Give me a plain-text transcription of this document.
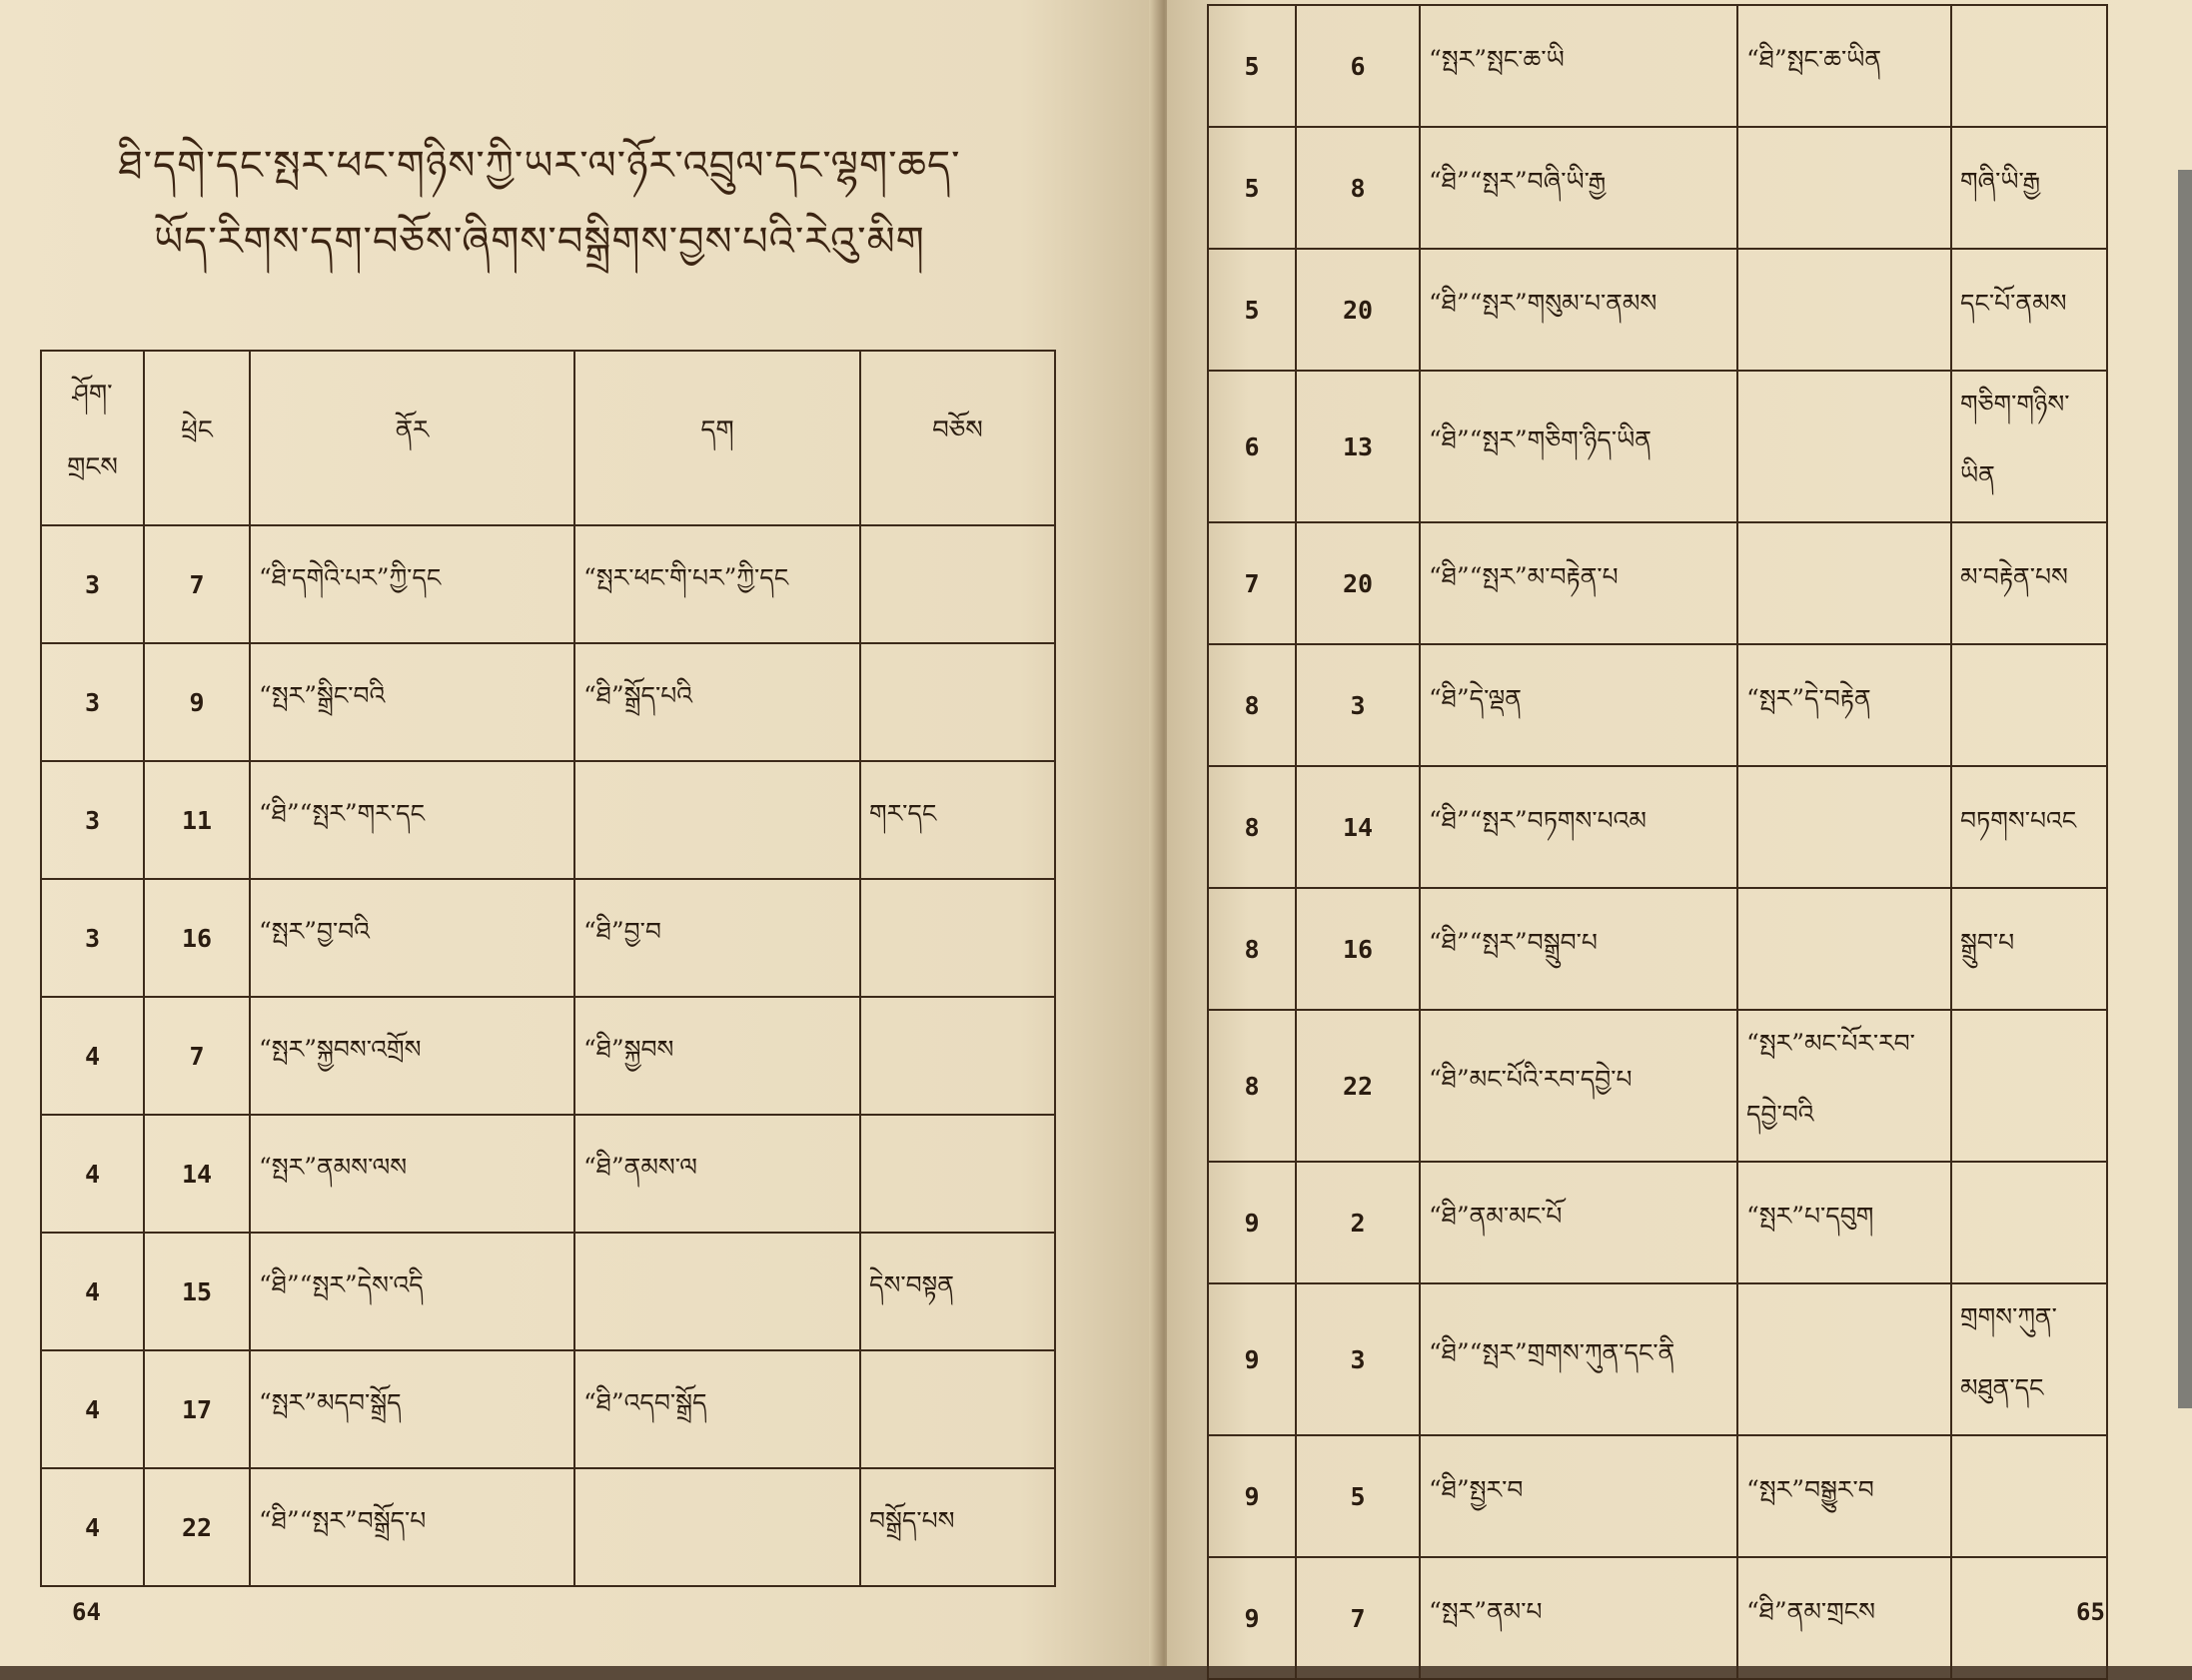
ཐི་དགེ་དང་སྤར་ཕང་གཉིས་ཀྱི་ཡར་ལ་ཉོར་འབྲུལ་དང་ལྷག་ཆད་
ཡོད་རིགས་དག་བཅོས་ཞིགས་བསྒྲིགས་བྱས་པའི་རེའུ་མིག
ཤོག་གྲངས	ཕྲེང	ནོར	དག	བཅོས
3	7	“ཐི་དགེའི་པར”ཀྱི་དང	“སྤར་ཕང་གི་པར”ཀྱི་དང	
3	9	“སྤར”སྒྲིང་བའི	“ཐི”སྒྲོད་པའི	
3	11	“ཐི”“སྤར”གར་དང		གར་དང
3	16	“སྤར”བྱ་བའི	“ཐི”བྱ་བ	
4	7	“སྤར”སྐྱབས་འགྲོས	“ཐི”སྐྱབས	
4	14	“སྤར”ནམས་ལས	“ཐི”ནམས་ལ	
4	15	“ཐི”“སྤར”དེས་འདི		དེས་བསྟན
4	17	“སྤར”མདབ་སྒྲོད	“ཐི”འདབ་སྒྲོད	
4	22	“ཐི”“སྤར”བསྒྲོད་པ		བསྒྲོད་པས
64
5	6	“སྤར”སྤང་ཆ་ཡི	“ཐི”སྤང་ཆ་ཡིན	
5	8	“ཐི”“སྤར”བཞི་ཡི་རྒྱ		གཞི་ཡི་རྒྱ
5	20	“ཐི”“སྤར”གསུམ་པ་ནམས		དང་པོ་ནམས
6	13	“ཐི”“སྤར”གཅིག་ཉིད་ཡིན		གཅིག་གཉིས་ཡིན
7	20	“ཐི”“སྤར”མ་བརྟེན་པ		མ་བརྟེན་པས
8	3	“ཐི”དེ་ལྡན	“སྤར”དེ་བརྟེན	
8	14	“ཐི”“སྤར”བཏགས་པའམ		བཏགས་པའང
8	16	“ཐི”“སྤར”བསྒྲུབ་པ		སྒྲུབ་པ
8	22	“ཐི”མང་པོའི་རབ་དབྱེ་པ	“སྤར”མང་པོར་རབ་དབྱེ་བའི	
9	2	“ཐི”ནམ་མང་པོ	“སྤར”པ་དབུག	
9	3	“ཐི”“སྤར”གྲགས་ཀུན་དང་ནི		གྲགས་ཀུན་མཐུན་དང
9	5	“ཐི”སྤྱར་བ	“སྤར”བསྒྱུར་བ	
9	7	“སྤར”ནམ་པ	“ཐི”ནམ་གྲངས		65
